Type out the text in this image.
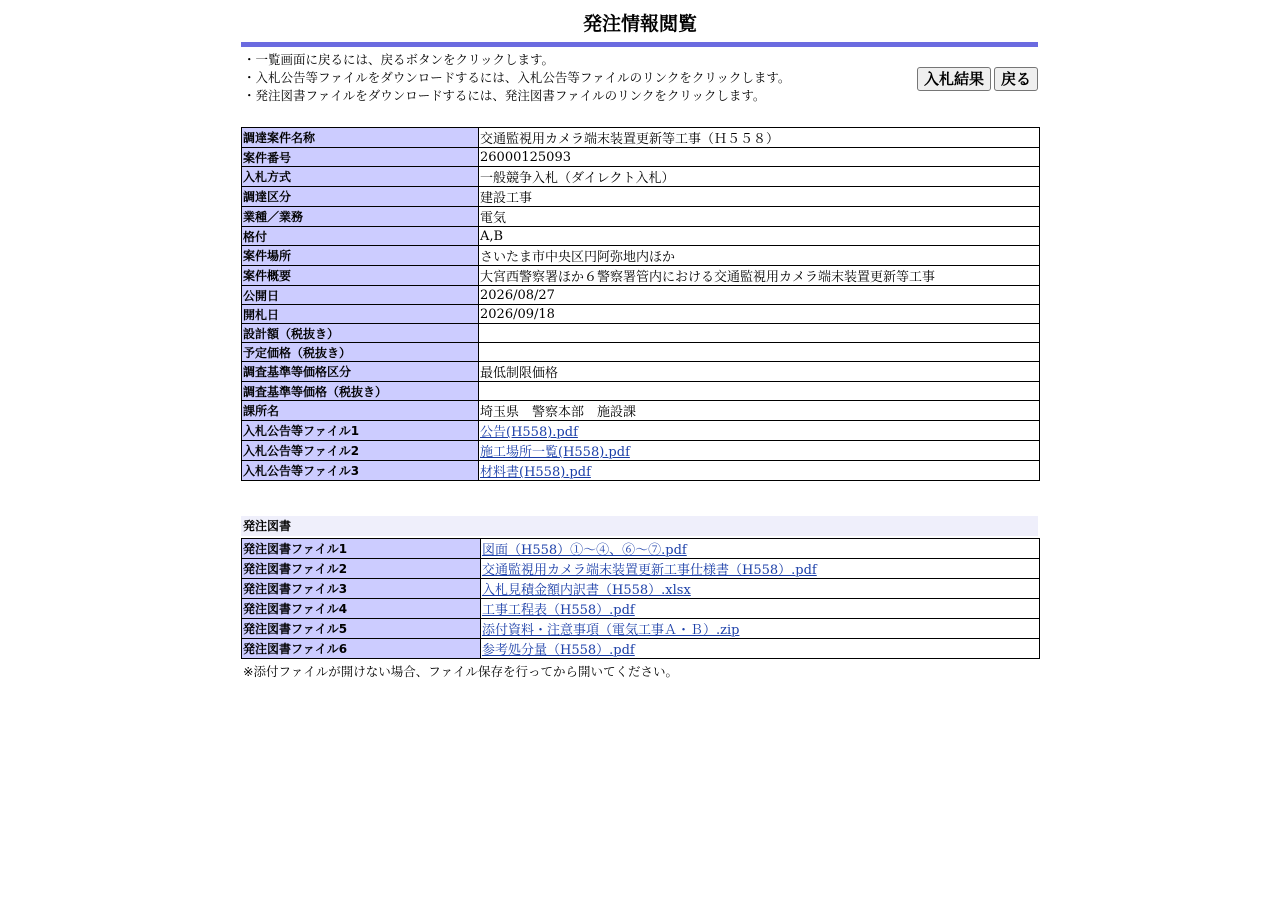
発注情報閲覧
・一覧画面に戻るには、戻るボタンをクリックします。
・入札公告等ファイルをダウンロードするには、入札公告等ファイルのリンクをクリックします。
・発注図書ファイルをダウンロードするには、発注図書ファイルのリンクをクリックします。
入札結果	戻る
調達案件名称	交通監視用カメラ端末装置更新等工事（Ｈ５５８）
案件番号	26000125093
入札方式	一般競争入札（ダイレクト入札）
調達区分	建設工事
業種／業務	電気
格付	A,B
案件場所	さいたま市中央区円阿弥地内ほか
案件概要	大宮西警察署ほか６警察署管内における交通監視用カメラ端末装置更新等工事
公開日	2026/08/27
開札日	2026/09/18
設計額（税抜き）	
予定価格（税抜き）	
調査基準等価格区分	最低制限価格
調査基準等価格（税抜き）	
課所名	埼玉県　警察本部　施設課
入札公告等ファイル1	公告(H558).pdf
入札公告等ファイル2	施工場所一覧(H558).pdf
入札公告等ファイル3	材料書(H558).pdf
発注図書
発注図書ファイル1	図面（H558）①～④、⑥～⑦.pdf
発注図書ファイル2	交通監視用カメラ端末装置更新工事仕様書（H558）.pdf
発注図書ファイル3	入札見積金額内訳書（H558）.xlsx
発注図書ファイル4	工事工程表（H558）.pdf
発注図書ファイル5	添付資料・注意事項（電気工事Ａ・Ｂ）.zip
発注図書ファイル6	参考処分量（H558）.pdf
※添付ファイルが開けない場合、ファイル保存を行ってから開いてください。
